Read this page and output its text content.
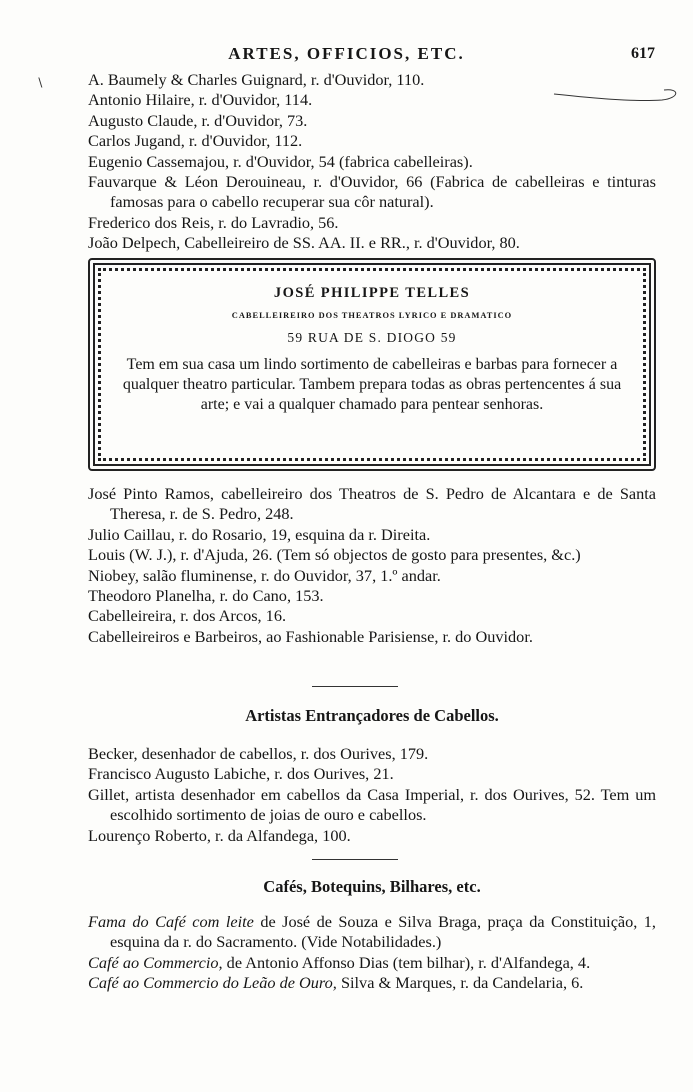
∖
ARTES, OFFICIOS, ETC.	617

A. Baumely & Charles Guignard, r. d'Ouvidor, 110.

Antonio Hilaire, r. d'Ouvidor, 114.

Augusto Claude, r. d'Ouvidor, 73.

Carlos Jugand, r. d'Ouvidor, 112.

Eugenio Cassemajou, r. d'Ouvidor, 54 (fabrica cabelleiras).

Fauvarque & Léon Derouineau, r. d'Ouvidor, 66 (Fabrica de cabelleiras e tinturas famosas para o cabello recuperar sua côr natural).

Frederico dos Reis, r. do Lavradio, 56.

João Delpech, Cabelleireiro de SS. AA. II. e RR., r. d'Ouvidor, 80.

JOSÉ PHILIPPE TELLES
CABELLEIREIRO DOS THEATROS LYRICO E DRAMATICO
59 RUA DE S. DIOGO 59
Tem em sua casa um lindo sortimento de cabelleiras e barbas para fornecer a qualquer theatro particular. Tambem prepara todas as obras pertencentes á sua arte; e vai a qualquer chamado para pentear senhoras.

José Pinto Ramos, cabelleireiro dos Theatros de S. Pedro de Alcantara e de Santa Theresa, r. de S. Pedro, 248.

Julio Caillau, r. do Rosario, 19, esquina da r. Direita.

Louis (W. J.), r. d'Ajuda, 26. (Tem só objectos de gosto para presentes, &c.)

Niobey, salão fluminense, r. do Ouvidor, 37, 1.º andar.

Theodoro Planelha, r. do Cano, 153.

Cabelleireira, r. dos Arcos, 16.

Cabelleireiros e Barbeiros, ao Fashionable Parisiense, r. do Ouvidor.

Artistas Entrançadores de Cabellos.

Becker, desenhador de cabellos, r. dos Ourives, 179.

Francisco Augusto Labiche, r. dos Ourives, 21.

Gillet, artista desenhador em cabellos da Casa Imperial, r. dos Ourives, 52. Tem um escolhido sortimento de joias de ouro e cabellos.

Lourenço Roberto, r. da Alfandega, 100.

Cafés, Botequins, Bilhares, etc.

Fama do Café com leite de José de Souza e Silva Braga, praça da Constituição, 1, esquina da r. do Sacramento. (Vide Notabilidades.)

Café ao Commercio, de Antonio Affonso Dias (tem bilhar), r. d'Alfandega, 4.

Café ao Commercio do Leão de Ouro, Silva & Marques, r. da Candelaria, 6.
